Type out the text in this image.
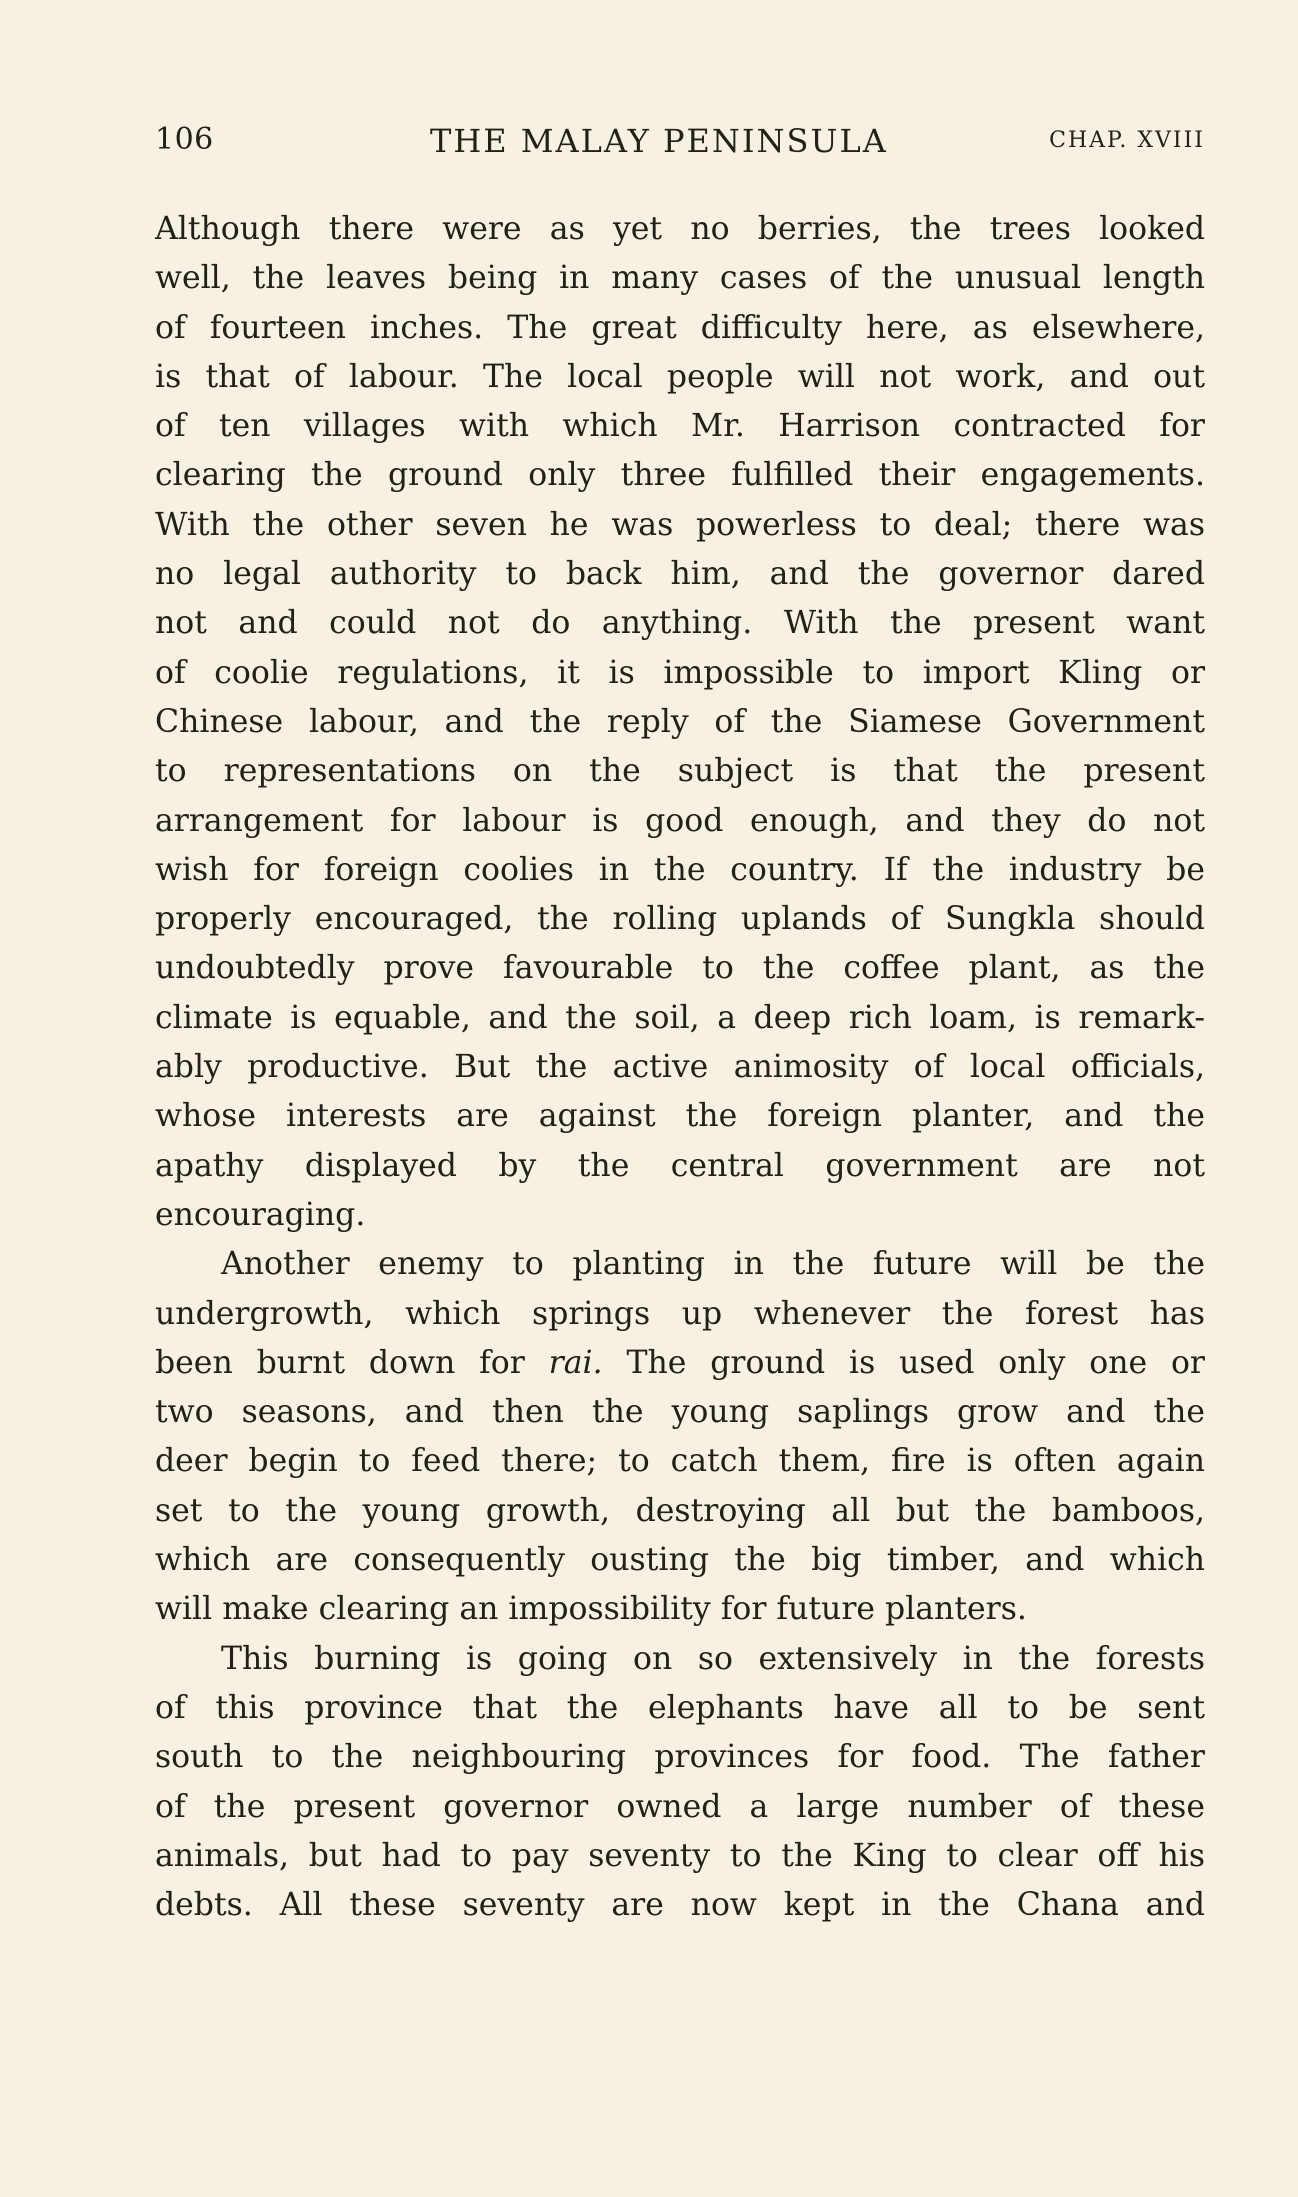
106	THE MALAY PENINSULA	CHAP. XVIII
Although there were as yet no berries, the trees looked
well, the leaves being in many cases of the unusual length
of fourteen inches. The great difficulty here, as elsewhere,
is that of labour. The local people will not work, and out
of ten villages with which Mr. Harrison contracted for
clearing the ground only three fulfilled their engagements.
With the other seven he was powerless to deal; there was
no legal authority to back him, and the governor dared
not and could not do anything. With the present want
of coolie regulations, it is impossible to import Kling or
Chinese labour, and the reply of the Siamese Government
to representations on the subject is that the present
arrangement for labour is good enough, and they do not
wish for foreign coolies in the country. If the industry be
properly encouraged, the rolling uplands of Sungkla should
undoubtedly prove favourable to the coffee plant, as the
climate is equable, and the soil, a deep rich loam, is remark-
ably productive. But the active animosity of local officials,
whose interests are against the foreign planter, and the
apathy displayed by the central government are not
encouraging.
Another enemy to planting in the future will be the
undergrowth, which springs up whenever the forest has
been burnt down for rai. The ground is used only one or
two seasons, and then the young saplings grow and the
deer begin to feed there; to catch them, fire is often again
set to the young growth, destroying all but the bamboos,
which are consequently ousting the big timber, and which
will make clearing an impossibility for future planters.
This burning is going on so extensively in the forests
of this province that the elephants have all to be sent
south to the neighbouring provinces for food. The father
of the present governor owned a large number of these
animals, but had to pay seventy to the King to clear off his
debts. All these seventy are now kept in the Chana and
